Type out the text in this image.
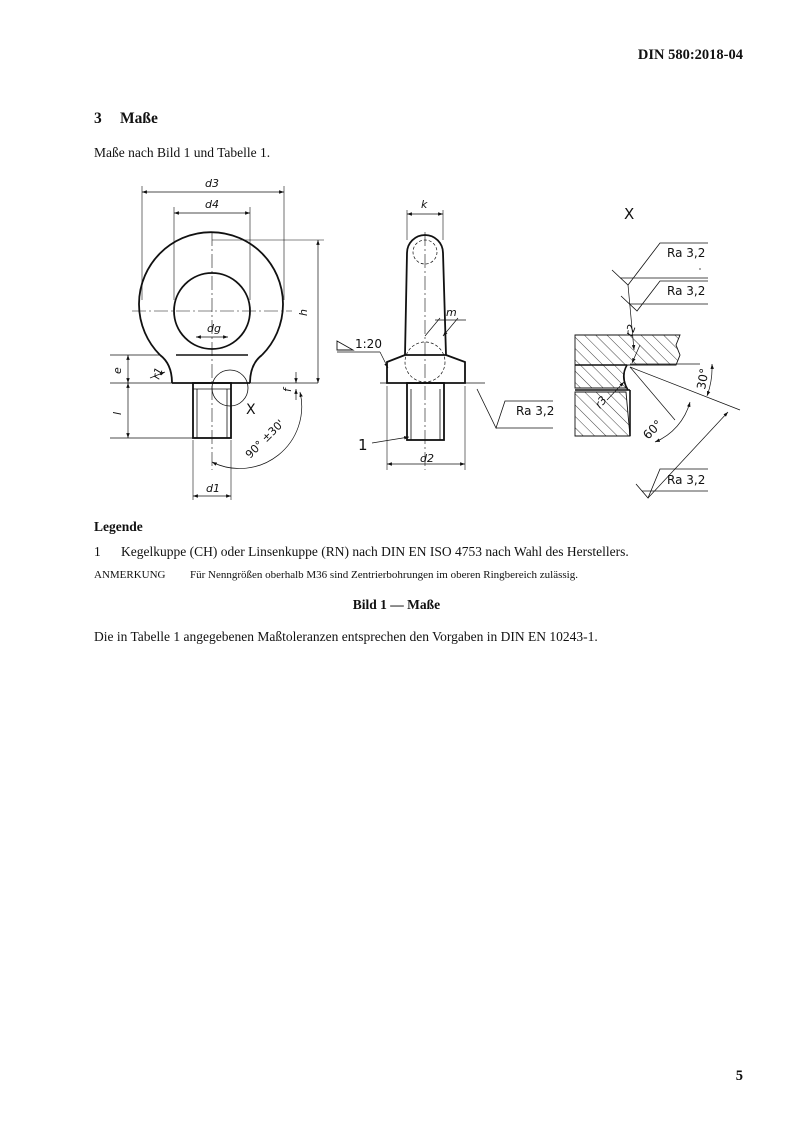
DIN 580:2018-04
3 Maße
Maße nach Bild 1 und Tabelle 1.
d3
d4
dg
d1
h
e
l
f
r1
X
90° ±30'
k
m
1:20
d2
1
Ra 3,2
X
Ra 3,2
Ra 3,2
Ra 3,2
r2
r3
30°
60°
Legende
1 Kegelkuppe (CH) oder Linsenkuppe (RN) nach DIN EN ISO 4753 nach Wahl des Herstellers.
ANMERKUNG Für Nenngrößen oberhalb M36 sind Zentrierbohrungen im oberen Ringbereich zulässig.
Bild 1 — Maße
Die in Tabelle 1 angegebenen Maßtoleranzen entsprechen den Vorgaben in DIN EN 10243-1.
5
